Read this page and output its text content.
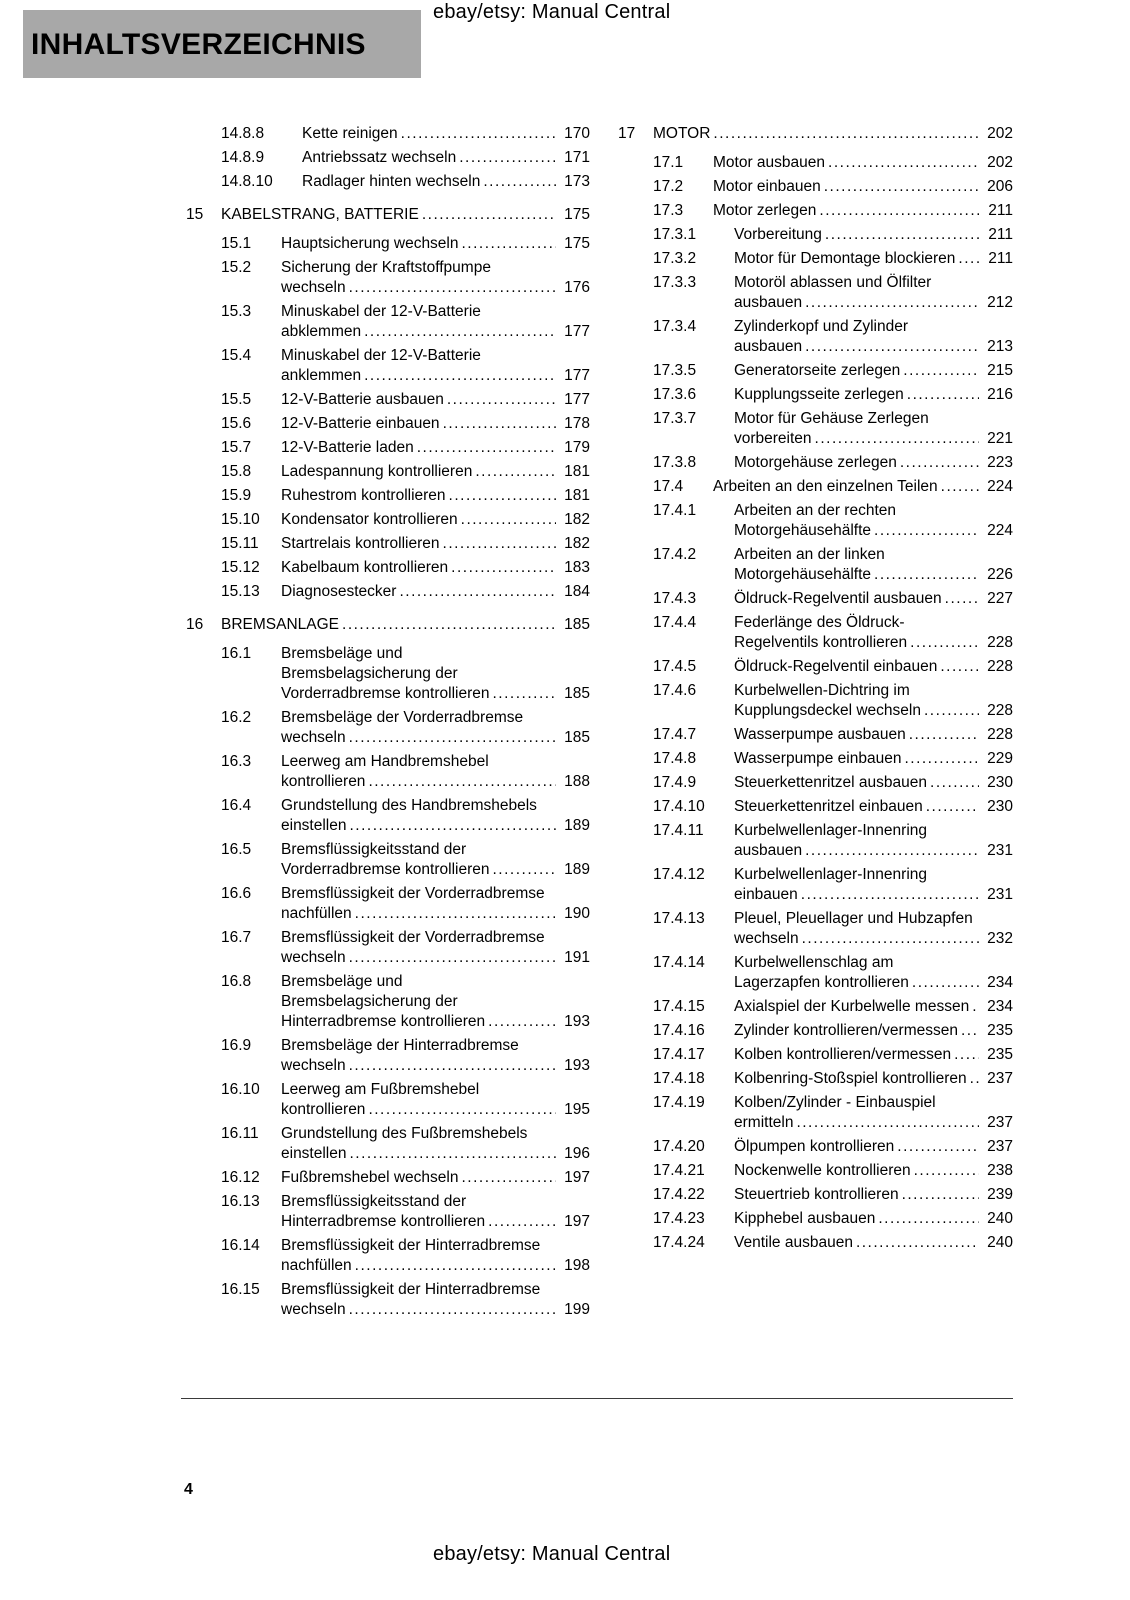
ebay/etsy: Manual Central
INHALTSVERZEICHNIS
14.8.8	Kette reinigen .....	170
14.8.9	Antriebssatz wechseln .....	171
14.8.10	Radlager hinten wechseln .....	173
15	KABELSTRANG, BATTERIE .....	175
15.1	Hauptsicherung wechseln .....	175
15.2	Sicherung der Kraftstoffpumpe wechseln .....	176
15.3	Minuskabel der 12-V-Batterie abklemmen .....	177
15.4	Minuskabel der 12-V-Batterie anklemmen .....	177
15.5	12-V-Batterie ausbauen .....	177
15.6	12-V-Batterie einbauen .....	178
15.7	12-V-Batterie laden .....	179
15.8	Ladespannung kontrollieren .....	181
15.9	Ruhestrom kontrollieren .....	181
15.10	Kondensator kontrollieren .....	182
15.11	Startrelais kontrollieren .....	182
15.12	Kabelbaum kontrollieren .....	183
15.13	Diagnosestecker .....	184
16	BREMSANLAGE .....	185
16.1	Bremsbeläge und Bremsbelagsicherung der Vorderradbremse kontrollieren .....	185
16.2	Bremsbeläge der Vorderradbremse wechseln .....	185
16.3	Leerweg am Handbremshebel kontrollieren .....	188
16.4	Grundstellung des Handbremshebels einstellen .....	189
16.5	Bremsflüssigkeitsstand der Vorderradbremse kontrollieren .....	189
16.6	Bremsflüssigkeit der Vorderradbremse nachfüllen .....	190
16.7	Bremsflüssigkeit der Vorderradbremse wechseln .....	191
16.8	Bremsbeläge und Bremsbelagsicherung der Hinterradbremse kontrollieren .....	193
16.9	Bremsbeläge der Hinterradbremse wechseln .....	193
16.10	Leerweg am Fußbremshebel kontrollieren .....	195
16.11	Grundstellung des Fußbremshebels einstellen .....	196
16.12	Fußbremshebel wechseln .....	197
16.13	Bremsflüssigkeitsstand der Hinterradbremse kontrollieren .....	197
16.14	Bremsflüssigkeit der Hinterradbremse nachfüllen .....	198
16.15	Bremsflüssigkeit der Hinterradbremse wechseln .....	199
17	MOTOR .....	202
17.1	Motor ausbauen .....	202
17.2	Motor einbauen .....	206
17.3	Motor zerlegen .....	211
17.3.1	Vorbereitung .....	211
17.3.2	Motor für Demontage blockieren .....	211
17.3.3	Motoröl ablassen und Ölfilter ausbauen .....	212
17.3.4	Zylinderkopf und Zylinder ausbauen .....	213
17.3.5	Generatorseite zerlegen .....	215
17.3.6	Kupplungsseite zerlegen .....	216
17.3.7	Motor für Gehäuse Zerlegen vorbereiten .....	221
17.3.8	Motorgehäuse zerlegen .....	223
17.4	Arbeiten an den einzelnen Teilen .....	224
17.4.1	Arbeiten an der rechten Motorgehäusehälfte .....	224
17.4.2	Arbeiten an der linken Motorgehäusehälfte .....	226
17.4.3	Öldruck-Regelventil ausbauen .....	227
17.4.4	Federlänge des Öldruck-Regelventils kontrollieren .....	228
17.4.5	Öldruck-Regelventil einbauen .....	228
17.4.6	Kurbelwellen-Dichtring im Kupplungsdeckel wechseln .....	228
17.4.7	Wasserpumpe ausbauen .....	228
17.4.8	Wasserpumpe einbauen .....	229
17.4.9	Steuerkettenritzel ausbauen .....	230
17.4.10	Steuerkettenritzel einbauen .....	230
17.4.11	Kurbelwellenlager-Innenring ausbauen .....	231
17.4.12	Kurbelwellenlager-Innenring einbauen .....	231
17.4.13	Pleuel, Pleuellager und Hubzapfen wechseln .....	232
17.4.14	Kurbelwellenschlag am Lagerzapfen kontrollieren .....	234
17.4.15	Axialspiel der Kurbelwelle messen .....	234
17.4.16	Zylinder kontrollieren/vermessen .....	235
17.4.17	Kolben kontrollieren/vermessen .....	235
17.4.18	Kolbenring-Stoßspiel kontrollieren .....	237
17.4.19	Kolben/Zylinder - Einbauspiel ermitteln .....	237
17.4.20	Ölpumpen kontrollieren .....	237
17.4.21	Nockenwelle kontrollieren .....	238
17.4.22	Steuertrieb kontrollieren .....	239
17.4.23	Kipphebel ausbauen .....	240
17.4.24	Ventile ausbauen .....	240
4
ebay/etsy: Manual Central
